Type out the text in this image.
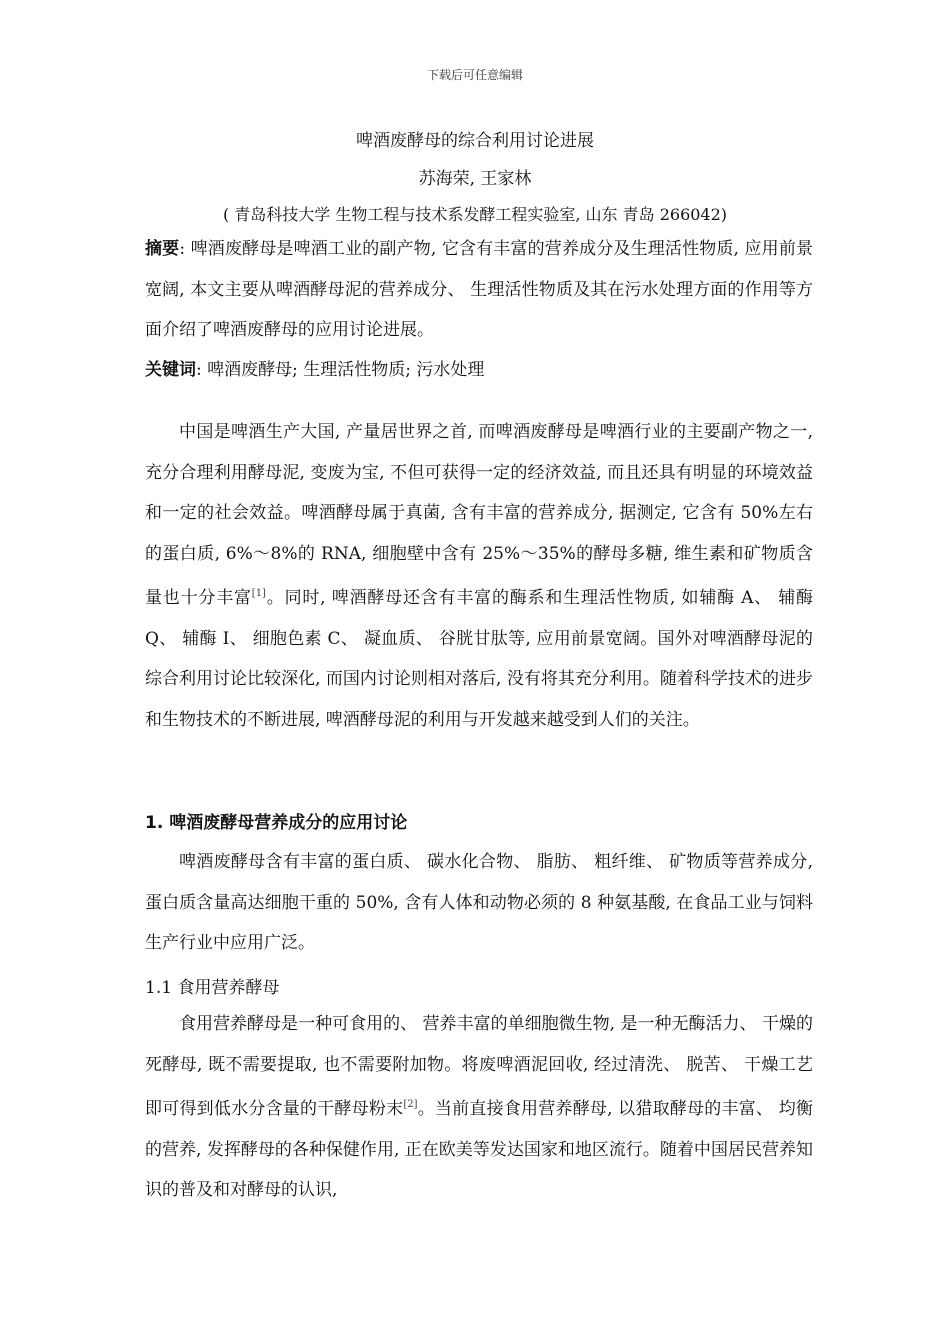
下载后可任意编辑
啤酒废酵母的综合利用讨论进展
苏海荣, 王家林
( 青岛科技大学 生物工程与技术系发酵工程实验室, 山东 青岛 266042)

摘要: 啤酒废酵母是啤酒工业的副产物, 它含有丰富的营养成分及生理活性物质, 应用前景宽阔, 本文主要从啤酒酵母泥的营养成分、 生理活性物质及其在污水处理方面的作用等方面介绍了啤酒废酵母的应用讨论进展。

关键词: 啤酒废酵母; 生理活性物质; 污水处理

中国是啤酒生产大国, 产量居世界之首, 而啤酒废酵母是啤酒行业的主要副产物之一, 充分合理利用酵母泥, 变废为宝, 不但可获得一定的经济效益, 而且还具有明显的环境效益和一定的社会效益。啤酒酵母属于真菌, 含有丰富的营养成分, 据测定, 它含有 50%左右的蛋白质, 6%～8%的 RNA, 细胞壁中含有 25%～35%的酵母多糖, 维生素和矿物质含量也十分丰富[1]。同时, 啤酒酵母还含有丰富的酶系和生理活性物质, 如辅酶 A、 辅酶 Q、 辅酶 I、 细胞色素 C、 凝血质、 谷胱甘肽等, 应用前景宽阔。国外对啤酒酵母泥的综合利用讨论比较深化, 而国内讨论则相对落后, 没有将其充分利用。随着科学技术的进步和生物技术的不断进展, 啤酒酵母泥的利用与开发越来越受到人们的关注。

1. 啤酒废酵母营养成分的应用讨论

啤酒废酵母含有丰富的蛋白质、 碳水化合物、 脂肪、 粗纤维、 矿物质等营养成分, 蛋白质含量高达细胞干重的 50%, 含有人体和动物必须的 8 种氨基酸, 在食品工业与饲料生产行业中应用广泛。

1.1 食用营养酵母

食用营养酵母是一种可食用的、 营养丰富的单细胞微生物, 是一种无酶活力、 干燥的死酵母, 既不需要提取, 也不需要附加物。将废啤酒泥回收, 经过清洗、 脱苦、 干燥工艺即可得到低水分含量的干酵母粉末[2]。当前直接食用营养酵母, 以猎取酵母的丰富、 均衡的营养, 发挥酵母的各种保健作用, 正在欧美等发达国家和地区流行。随着中国居民营养知识的普及和对酵母的认识,
